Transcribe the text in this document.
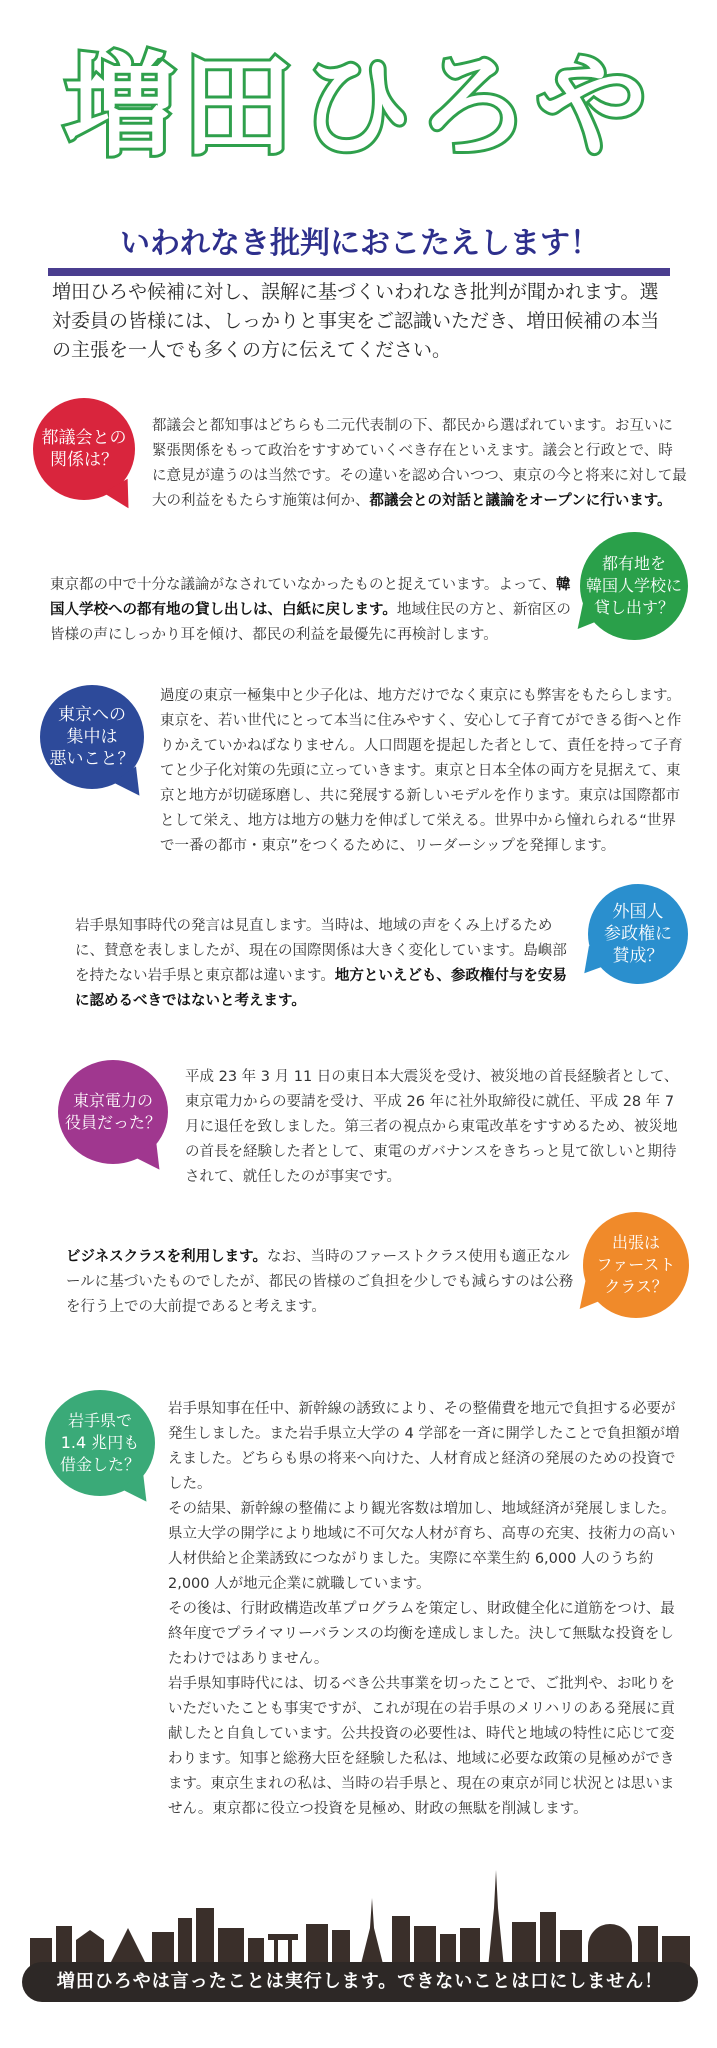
増田ひろや
いわれなき批判におこたえします！
増田ひろや候補に対し、誤解に基づくいわれなき批判が聞かれます。選対委員の皆様には、しっかりと事実をご認識いただき、増田候補の本当の主張を一人でも多くの方に伝えてください。
都議会との
関係は？
都議会と都知事はどちらも二元代表制の下、都民から選ばれています。お互いに緊張関係をもって政治をすすめていくべき存在といえます。議会と行政とで、時に意見が違うのは当然です。その違いを認め合いつつ、東京の今と将来に対して最大の利益をもたらす施策は何か、都議会との対話と議論をオープンに行います。
都有地を
韓国人学校に
貸し出す？
東京都の中で十分な議論がなされていなかったものと捉えています。よって、韓国人学校への都有地の貸し出しは、白紙に戻します。地域住民の方と、新宿区の皆様の声にしっかり耳を傾け、都民の利益を最優先に再検討します。
東京への
集中は
悪いこと？
過度の東京一極集中と少子化は、地方だけでなく東京にも弊害をもたらします。東京を、若い世代にとって本当に住みやすく、安心して子育てができる街へと作りかえていかねばなりません。人口問題を提起した者として、責任を持って子育てと少子化対策の先頭に立っていきます。東京と日本全体の両方を見据えて、東京と地方が切磋琢磨し、共に発展する新しいモデルを作ります。東京は国際都市として栄え、地方は地方の魅力を伸ばして栄える。世界中から憧れられる“世界で一番の都市・東京”をつくるために、リーダーシップを発揮します。
外国人
参政権に
賛成？
岩手県知事時代の発言は見直します。当時は、地域の声をくみ上げるために、賛意を表しましたが、現在の国際関係は大きく変化しています。島嶼部を持たない岩手県と東京都は違います。地方といえども、参政権付与を安易に認めるべきではないと考えます。
東京電力の
役員だった？
平成 23 年 3 月 11 日の東日本大震災を受け、被災地の首長経験者として、東京電力からの要請を受け、平成 26 年に社外取締役に就任、平成 28 年 7 月に退任を致しました。第三者の視点から東電改革をすすめるため、被災地の首長を経験した者として、東電のガバナンスをきちっと見て欲しいと期待されて、就任したのが事実です。
出張は
ファースト
クラス？
ビジネスクラスを利用します。なお、当時のファーストクラス使用も適正なルールに基づいたものでしたが、都民の皆様のご負担を少しでも減らすのは公務を行う上での大前提であると考えます。
岩手県で
1.4 兆円も
借金した？

岩手県知事在任中、新幹線の誘致により、その整備費を地元で負担する必要が発生しました。また岩手県立大学の 4 学部を一斉に開学したことで負担額が増えました。どちらも県の将来へ向けた、人材育成と経済の発展のための投資でした。
その結果、新幹線の整備により観光客数は増加し、地域経済が発展しました。県立大学の開学により地域に不可欠な人材が育ち、高専の充実、技術力の高い人材供給と企業誘致につながりました。実際に卒業生約 6,000 人のうち約 2,000 人が地元企業に就職しています。
その後は、行財政構造改革プログラムを策定し、財政健全化に道筋をつけ、最終年度でプライマリーバランスの均衡を達成しました。決して無駄な投資をしたわけではありません。
岩手県知事時代には、切るべき公共事業を切ったことで、ご批判や、お叱りをいただいたことも事実ですが、これが現在の岩手県のメリハリのある発展に貢献したと自負しています。公共投資の必要性は、時代と地域の特性に応じて変わります。知事と総務大臣を経験した私は、地域に必要な政策の見極めができます。東京生まれの私は、当時の岩手県と、現在の東京が同じ状況とは思いません。東京都に役立つ投資を見極め、財政の無駄を削減します。

増田ひろやは言ったことは実行します。できないことは口にしません！
